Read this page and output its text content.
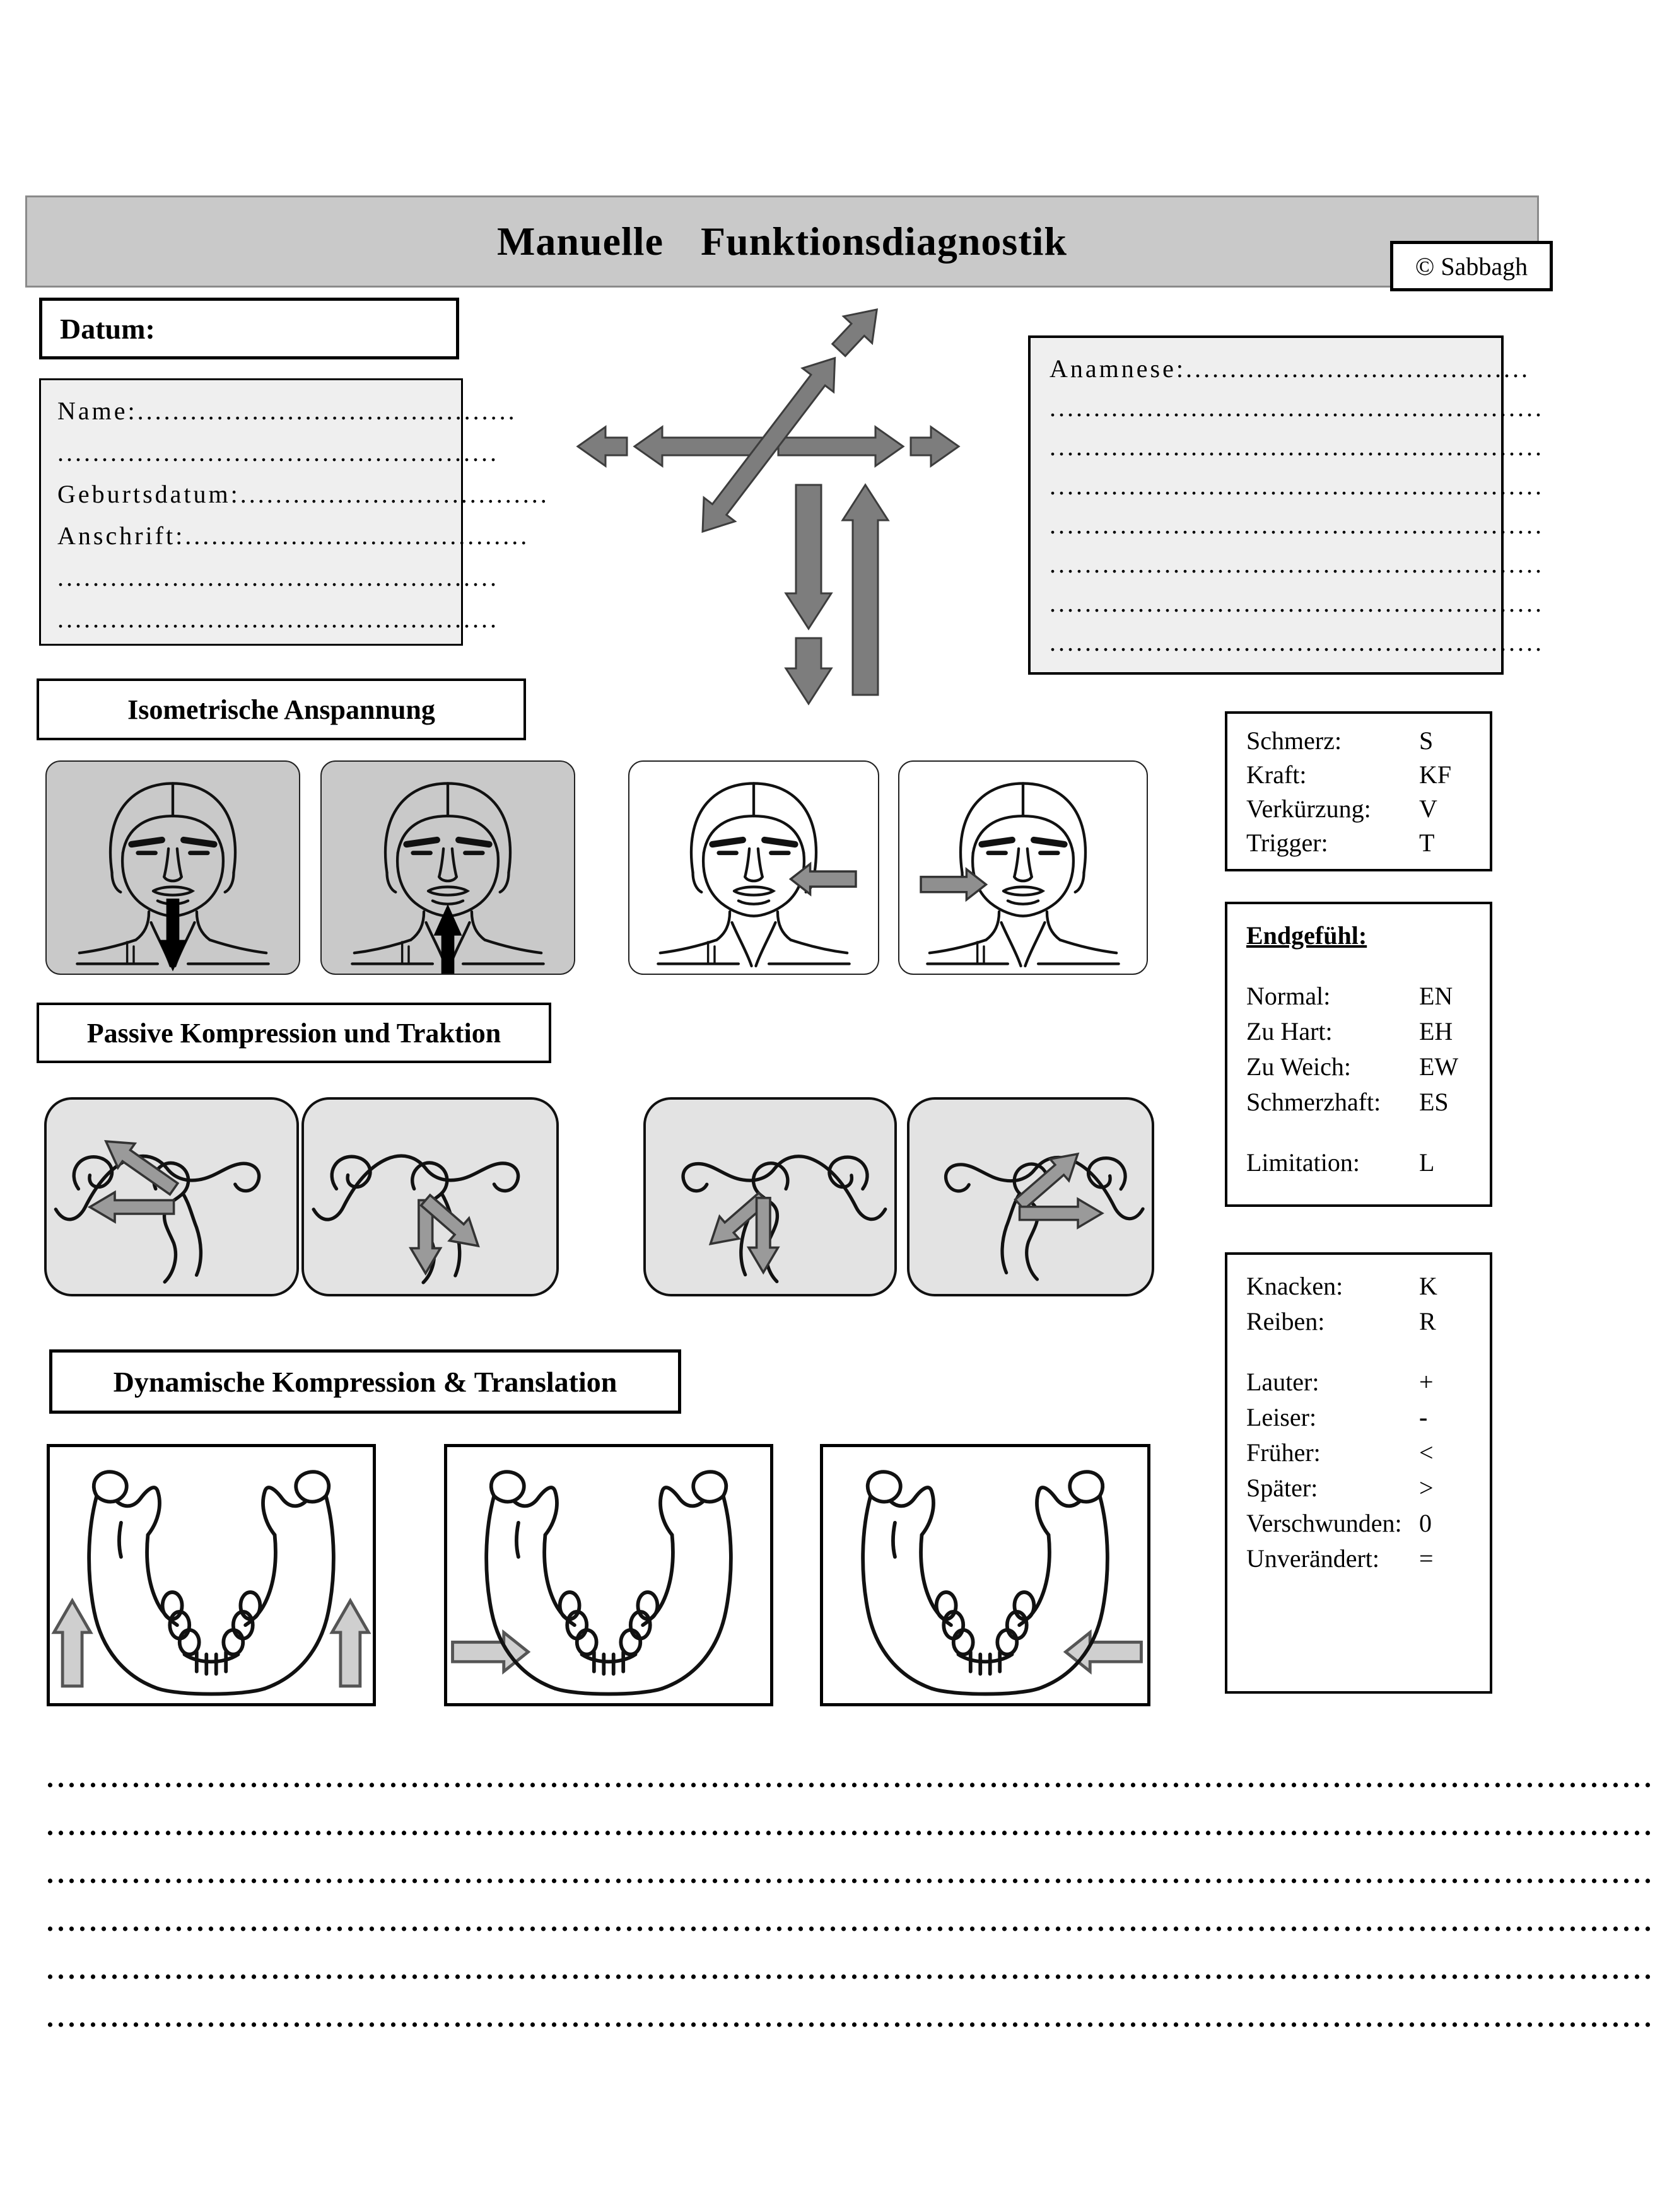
Manuelle Funktionsdiagnostik
© Sabbagh
Datum:
Name:...........................................
..................................................
Geburtsdatum:...................................
Anschrift:.......................................
..................................................
..................................................
Anamnese:.......................................
........................................................
........................................................
........................................................
........................................................
........................................................
........................................................
........................................................
Isometrische Anspannung
Schmerz:	S
Kraft:	KF
Verkürzung:	V
Trigger:	T
Endgefühl:
Normal:	EN
Zu Hart:	EH
Zu Weich:	EW
Schmerzhaft:	ES
Limitation:	L
Passive Kompression und Traktion
Knacken:	K
Reiben:	R
Lauter:	+
Leiser:	-
Früher:	<
Später:	>
Verschwunden: 0
Unverändert:	=
Dynamische Kompression & Translation
......................................................................................................................................................
......................................................................................................................................................
......................................................................................................................................................
......................................................................................................................................................
......................................................................................................................................................
......................................................................................................................................................
